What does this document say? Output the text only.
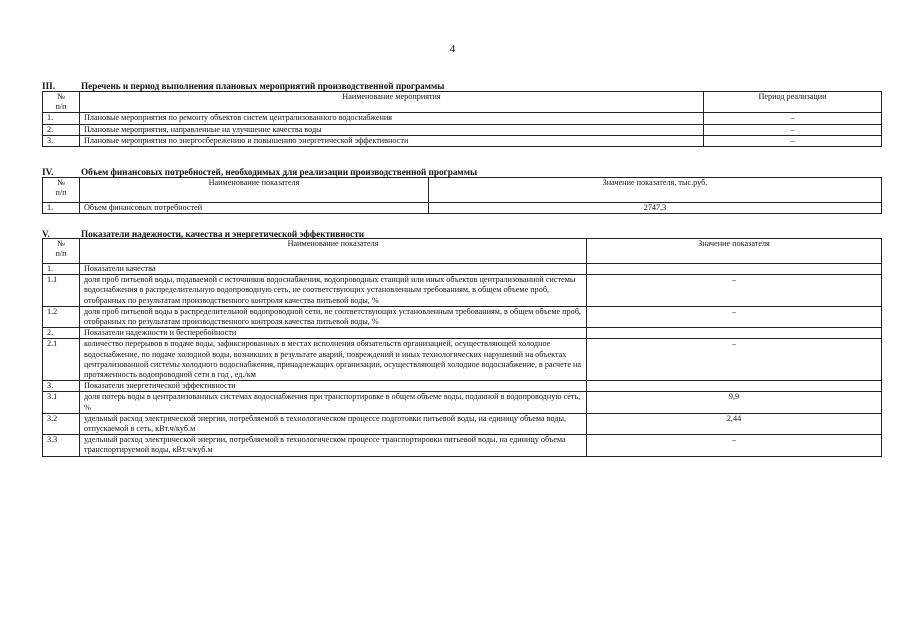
4
III.	Перечень и период выполнения плановых мероприятий производственной программы
№
п/п	Наименование мероприятия	Период реализации
1.	Плановые мероприятия по ремонту объектов систем централизованного водоснабжения	–
2.	Плановые мероприятия, направленные на улучшение качества воды	–
3.	Плановые мероприятия по энергосбережению и повышению энергетической эффективности	–
IV.	Объем финансовых потребностей, необходимых для реализации производственной программы
№
п/п	Наименование показателя	Значение показателя, тыс.руб.
1.	Объем финансовых потребностей	2747,3
V.	Показатели надежности, качества и энергетической эффективности
№
п/п	Наименование показателя	Значение показателя
1.	Показатели качества	
1.1	доля проб питьевой воды, подаваемой с источников водоснабжения, водопроводных станций или иных объектов централизованной системы водоснабжения в распределительную водопроводную сеть, не соответствующих установленным требованиям, в общем объеме проб, отобранных по результатам производственного контроля качества питьевой воды, %	–
1.2	доля проб питьевой воды в распределительной водопроводной сети, не соответствующих установленным требованиям, в общем объеме проб, отобранных по результатам производственного контроля качества питьевой воды, %	–
2.	Показатели надежности и бесперебойности	
2.1	количество перерывов в подаче воды, зафиксированных в местах исполнения обязательств организацией, осуществляющей холодное водоснабжение, по подаче холодной воды, возникших в результате аварий, повреждений и иных технологических нарушений на объектах централизованной системы холодного водоснабжения, принадлежащих организации, осуществляющей холодное водоснабжение, в расчете на протяженность водопроводной сети в год , ед./км	–
3.	Показатели энергетической эффективности	
3.1	доля потерь воды в централизованных системах водоснабжения при транспортировке в общем объеме воды, поданной в водопроводную сеть, %	9,9
3.2	удельный расход электрической энергии, потребляемой в технологическом процессе подготовки питьевой воды, на единицу объема воды, отпускаемой в сеть, кВт.ч/куб.м	2,44
3.3	удельный расход электрической энергии, потребляемой в технологическом процессе транспортировки питьевой воды, на единицу объема транспортируемой воды, кВт.ч/куб.м	–
